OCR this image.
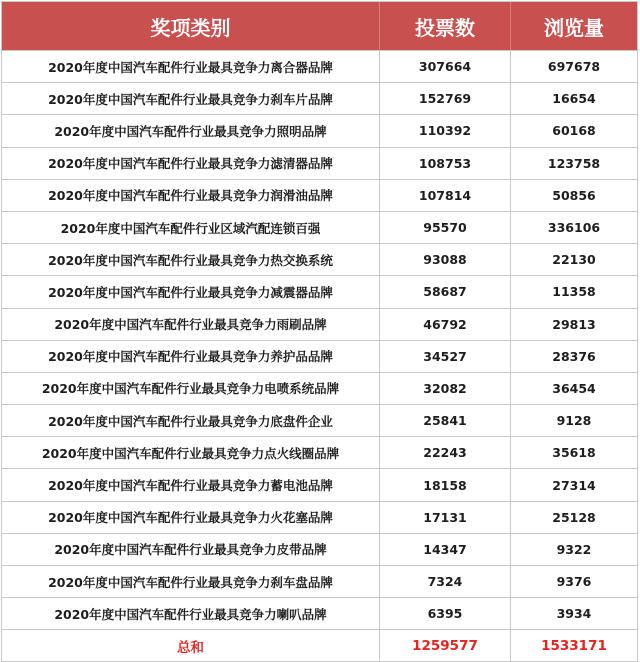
奖项类别	投票数	浏览量
2020年度中国汽车配件行业最具竞争力离合器品牌	307664	697678
2020年度中国汽车配件行业最具竞争力刹车片品牌	152769	16654
2020年度中国汽车配件行业最具竞争力照明品牌	110392	60168
2020年度中国汽车配件行业最具竞争力滤清器品牌	108753	123758
2020年度中国汽车配件行业最具竞争力润滑油品牌	107814	50856
2020年度中国汽车配件行业区域汽配连锁百强	95570	336106
2020年度中国汽车配件行业最具竞争力热交换系统	93088	22130
2020年度中国汽车配件行业最具竞争力减震器品牌	58687	11358
2020年度中国汽车配件行业最具竞争力雨刷品牌	46792	29813
2020年度中国汽车配件行业最具竞争力养护品品牌	34527	28376
2020年度中国汽车配件行业最具竞争力电喷系统品牌	32082	36454
2020年度中国汽车配件行业最具竞争力底盘件企业	25841	9128
2020年度中国汽车配件行业最具竞争力点火线圈品牌	22243	35618
2020年度中国汽车配件行业最具竞争力蓄电池品牌	18158	27314
2020年度中国汽车配件行业最具竞争力火花塞品牌	17131	25128
2020年度中国汽车配件行业最具竞争力皮带品牌	14347	9322
2020年度中国汽车配件行业最具竞争力刹车盘品牌	7324	9376
2020年度中国汽车配件行业最具竞争力喇叭品牌	6395	3934
总和	1259577	1533171
